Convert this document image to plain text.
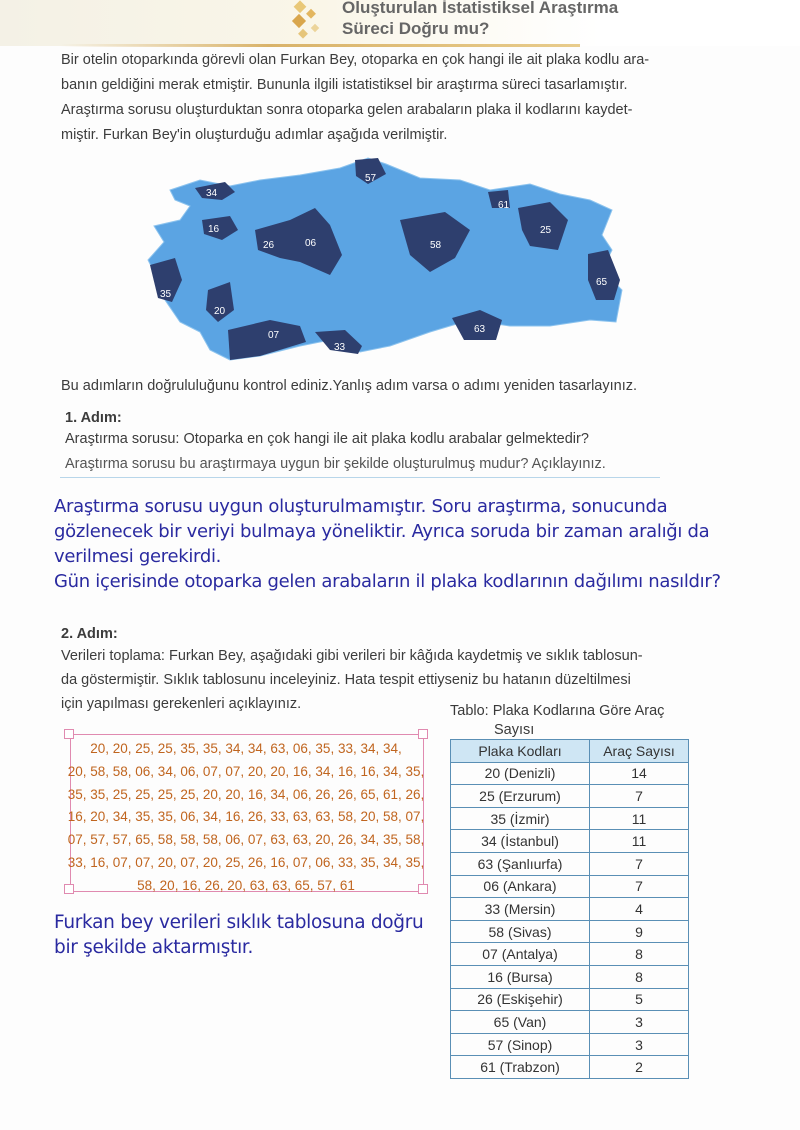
Oluşturulan İstatistiksel Araştırma
Süreci Doğru mu?
Bir otelin otoparkında görevli olan Furkan Bey, otoparka en çok hangi ile ait plaka kodlu ara-
banın geldiğini merak etmiştir. Bununla ilgili istatistiksel bir araştırma süreci tasarlamıştır.
Araştırma sorusu oluşturduktan sonra otoparka gelen arabaların plaka il kodlarını kaydet-
miştir. Furkan Bey'in oluşturduğu adımlar aşağıda verilmiştir.
34
16
26	06
57
61
25
58
65
35
20
07
33
63
Bu adımların doğrululuğunu kontrol ediniz.Yanlış adım varsa o adımı yeniden tasarlayınız.
1. Adım:
Araştırma sorusu: Otoparka en çok hangi ile ait plaka kodlu arabalar gelmektedir?
Araştırma sorusu bu araştırmaya uygun bir şekilde oluşturulmuş mudur? Açıklayınız.
Araştırma sorusu uygun oluşturulmamıştır. Soru araştırma, sonucunda
gözlenecek bir veriyi bulmaya yöneliktir. Ayrıca soruda bir zaman aralığı da
verilmesi gerekirdi.
Gün içerisinde otoparka gelen arabaların il plaka kodlarının dağılımı nasıldır?
2. Adım:
Verileri toplama: Furkan Bey, aşağıdaki gibi verileri bir kâğıda kaydetmiş ve sıklık tablosun-
da göstermiştir. Sıklık tablosunu inceleyiniz. Hata tespit ettiyseniz bu hatanın düzeltilmesi
için yapılması gerekenleri açıklayınız.
20, 20, 25, 25, 35, 35, 34, 34, 63, 06, 35, 33, 34, 34,
20, 58, 58, 06, 34, 06, 07, 07, 20, 20, 16, 34, 16, 16, 34, 35,
35, 35, 25, 25, 25, 25, 20, 20, 16, 34, 06, 26, 26, 65, 61, 26,
16, 20, 34, 35, 35, 06, 34, 16, 26, 33, 63, 63, 58, 20, 58, 07,
07, 57, 57, 65, 58, 58, 58, 06, 07, 63, 63, 20, 26, 34, 35, 58,
33, 16, 07, 07, 20, 07, 20, 25, 26, 16, 07, 06, 33, 35, 34, 35,
58, 20, 16, 26, 20, 63, 63, 65, 57, 61
Furkan bey verileri sıklık tablosuna doğru
bir şekilde aktarmıştır.
Tablo: Plaka Kodlarına Göre Araç
Sayısı
Plaka Kodları	Araç Sayısı
20 (Denizli)	14
25 (Erzurum)	7
35 (İzmir)	11
34 (İstanbul)	11
63 (Şanlıurfa)	7
06 (Ankara)	7
33 (Mersin)	4
58 (Sivas)	9
07 (Antalya)	8
16 (Bursa)	8
26 (Eskişehir)	5
65 (Van)	3
57 (Sinop)	3
61 (Trabzon)	2
